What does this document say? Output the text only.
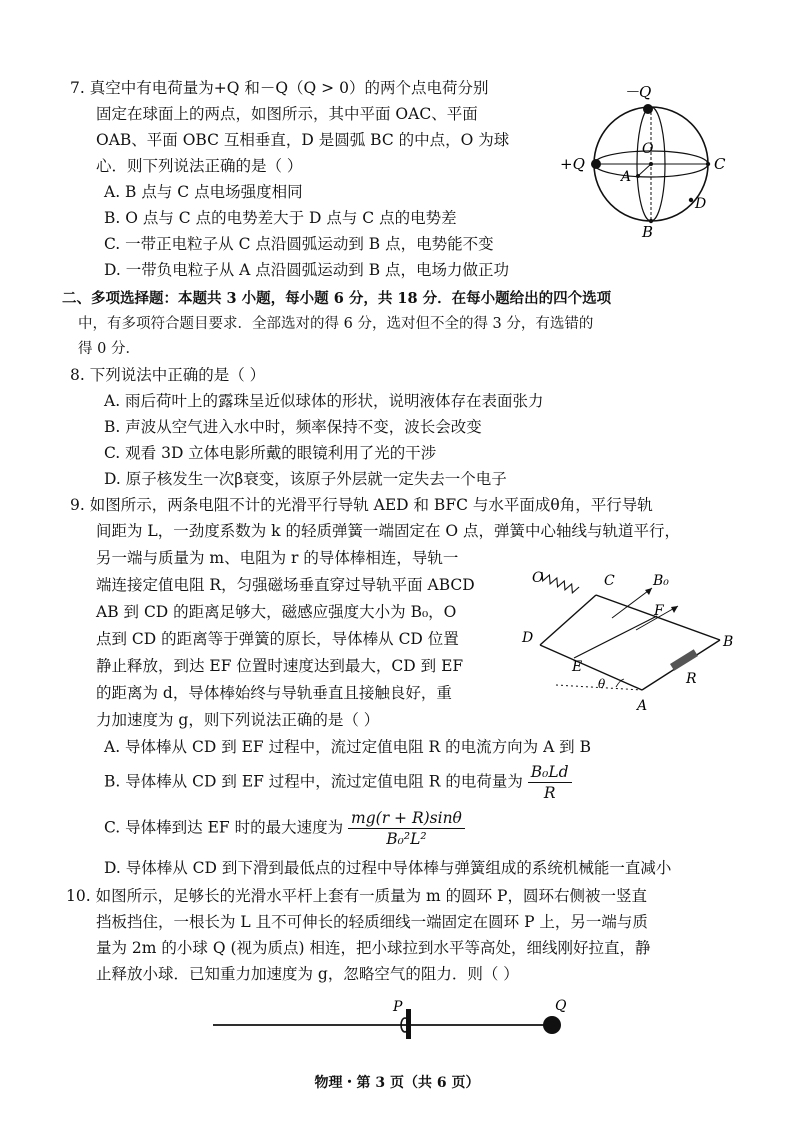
7. 真空中有电荷量为+Q 和－Q（Q > 0）的两个点电荷分别
固定在球面上的两点，如图所示，其中平面 OAC、平面
OAB、平面 OBC 互相垂直，D 是圆弧 BC 的中点，O 为球
心．则下列说法正确的是（ ）
A. B 点与 C 点电场强度相同
B. O 点与 C 点的电势差大于 D 点与 C 点的电势差
C. 一带正电粒子从 C 点沿圆弧运动到 B 点，电势能不变
D. 一带负电粒子从 A 点沿圆弧运动到 B 点，电场力做正功
－Q
+Q
O
A
C
B
D
二、多项选择题：本题共 3 小题，每小题 6 分，共 18 分．在每小题给出的四个选项
中，有多项符合题目要求．全部选对的得 6 分，选对但不全的得 3 分，有选错的
得 0 分．
8. 下列说法中正确的是（ ）
A. 雨后荷叶上的露珠呈近似球体的形状，说明液体存在表面张力
B. 声波从空气进入水中时，频率保持不变，波长会改变
C. 观看 3D 立体电影所戴的眼镜利用了光的干涉
D. 原子核发生一次β衰变，该原子外层就一定失去一个电子
9. 如图所示，两条电阻不计的光滑平行导轨 AED 和 BFC 与水平面成θ角，平行导轨
间距为 L，一劲度系数为 k 的轻质弹簧一端固定在 O 点，弹簧中心轴线与轨道平行，
另一端与质量为 m、电阻为 r 的导体棒相连，导轨一
端连接定值电阻 R，匀强磁场垂直穿过导轨平面 ABCD
AB 到 CD 的距离足够大，磁感应强度大小为 B₀，O
点到 CD 的距离等于弹簧的原长，导体棒从 CD 位置
静止释放，到达 EF 位置时速度达到最大，CD 到 EF
的距离为 d，导体棒始终与导轨垂直且接触良好，重
力加速度为 g，则下列说法正确的是（ ）
O	C	B₀
F
D
E
B
R
θ
A
A. 导体棒从 CD 到 EF 过程中，流过定值电阻 R 的电流方向为 A 到 B
B. 导体棒从 CD 到 EF 过程中，流过定值电阻 R 的电荷量为 $\frac{\text{B₀Ld}}{R}$
C. 导体棒到达 EF 时的最大速度为 $\frac{mg(r + R)\sin\theta}{\text{B₀²L²}}$
D. 导体棒从 CD 到下滑到最低点的过程中导体棒与弹簧组成的系统机械能一直减小
10. 如图所示，足够长的光滑水平杆上套有一质量为 m 的圆环 P，圆环右侧被一竖直
挡板挡住，一根长为 L 且不可伸长的轻质细线一端固定在圆环 P 上，另一端与质
量为 2m 的小球 Q (视为质点) 相连，把小球拉到水平等高处，细线刚好拉直，静
止释放小球．已知重力加速度为 g，忽略空气的阻力．则（ ）
P	Q
物理・第 3 页（共 6 页）
